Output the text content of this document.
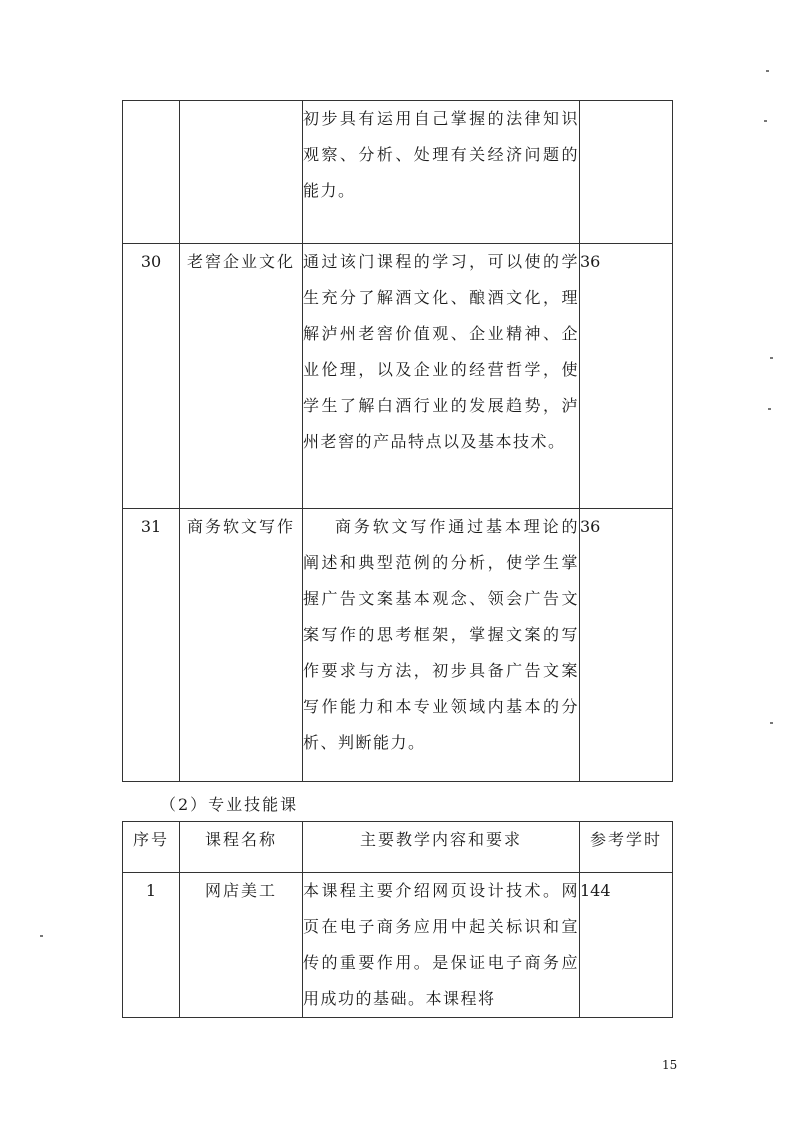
		初步具有运用自己掌握的法律知识观察、分析、处理有关经济问题的能力。	
30	老窖企业文化	通过该门课程的学习，可以使的学生充分了解酒文化、酿酒文化，理解泸州老窖价值观、企业精神、企业伦理，以及企业的经营哲学，使学生了解白酒行业的发展趋势，泸州老窖的产品特点以及基本技术。	36
31	商务软文写作	商务软文写作通过基本理论的阐述和典型范例的分析，使学生掌握广告文案基本观念、领会广告文案写作的思考框架，掌握文案的写作要求与方法，初步具备广告文案写作能力和本专业领域内基本的分析、判断能力。	36
（2）专业技能课
序号	课程名称	主要教学内容和要求	参考学时
1	网店美工	本课程主要介绍网页设计技术。网页在电子商务应用中起关标识和宣传的重要作用。是保证电子商务应用成功的基础。本课程将	144
15
